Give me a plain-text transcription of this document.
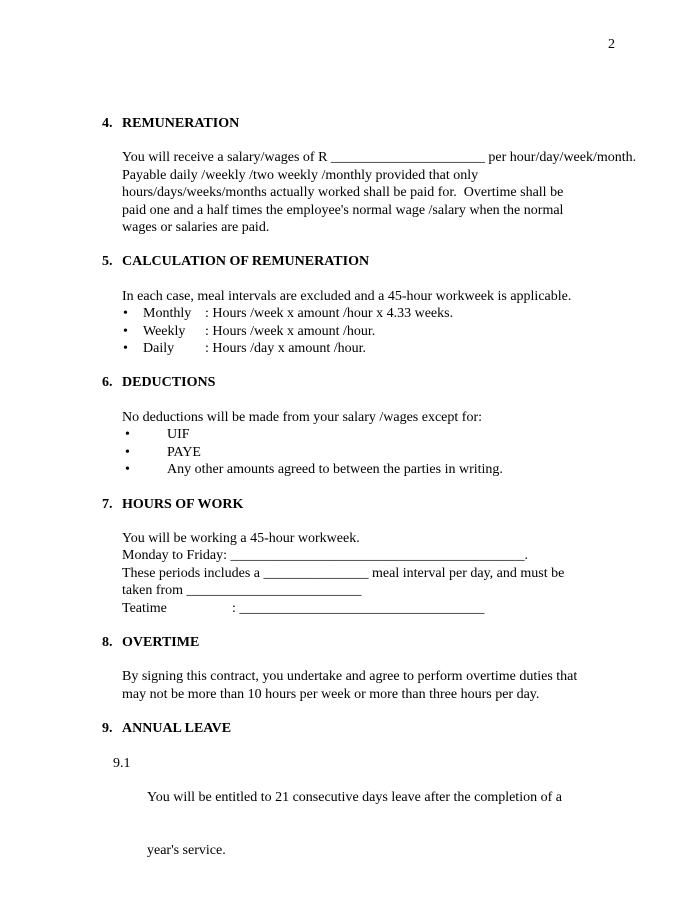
2
4. REMUNERATION
You will receive a salary/wages of R ______________________ per hour/day/week/month.
Payable daily /weekly /two weekly /monthly provided that only
hours/days/weeks/months actually worked shall be paid for.  Overtime shall be
paid one and a half times the employee's normal wage /salary when the normal
wages or salaries are paid.
5. CALCULATION OF REMUNERATION
In each case, meal intervals are excluded and a 45-hour workweek is applicable.
•	Monthly : Hours /week x amount /hour x 4.33 weeks.
•	Weekly	: Hours /week x amount /hour.
•	Daily	: Hours /day x amount /hour.
6. DEDUCTIONS
No deductions will be made from your salary /wages except for:
•	UIF
•	PAYE
•	Any other amounts agreed to between the parties in writing.
7. HOURS OF WORK
You will be working a 45-hour workweek.
Monday to Friday: __________________________________________.
These periods includes a _______________ meal interval per day, and must be
taken from _________________________
Teatime	: ___________________________________
8. OVERTIME
By signing this contract, you undertake and agree to perform overtime duties that
may not be more than 10 hours per week or more than three hours per day.
9. ANNUAL LEAVE
9.1

You will be entitled to 21 consecutive days leave after the completion of a

year's service.
